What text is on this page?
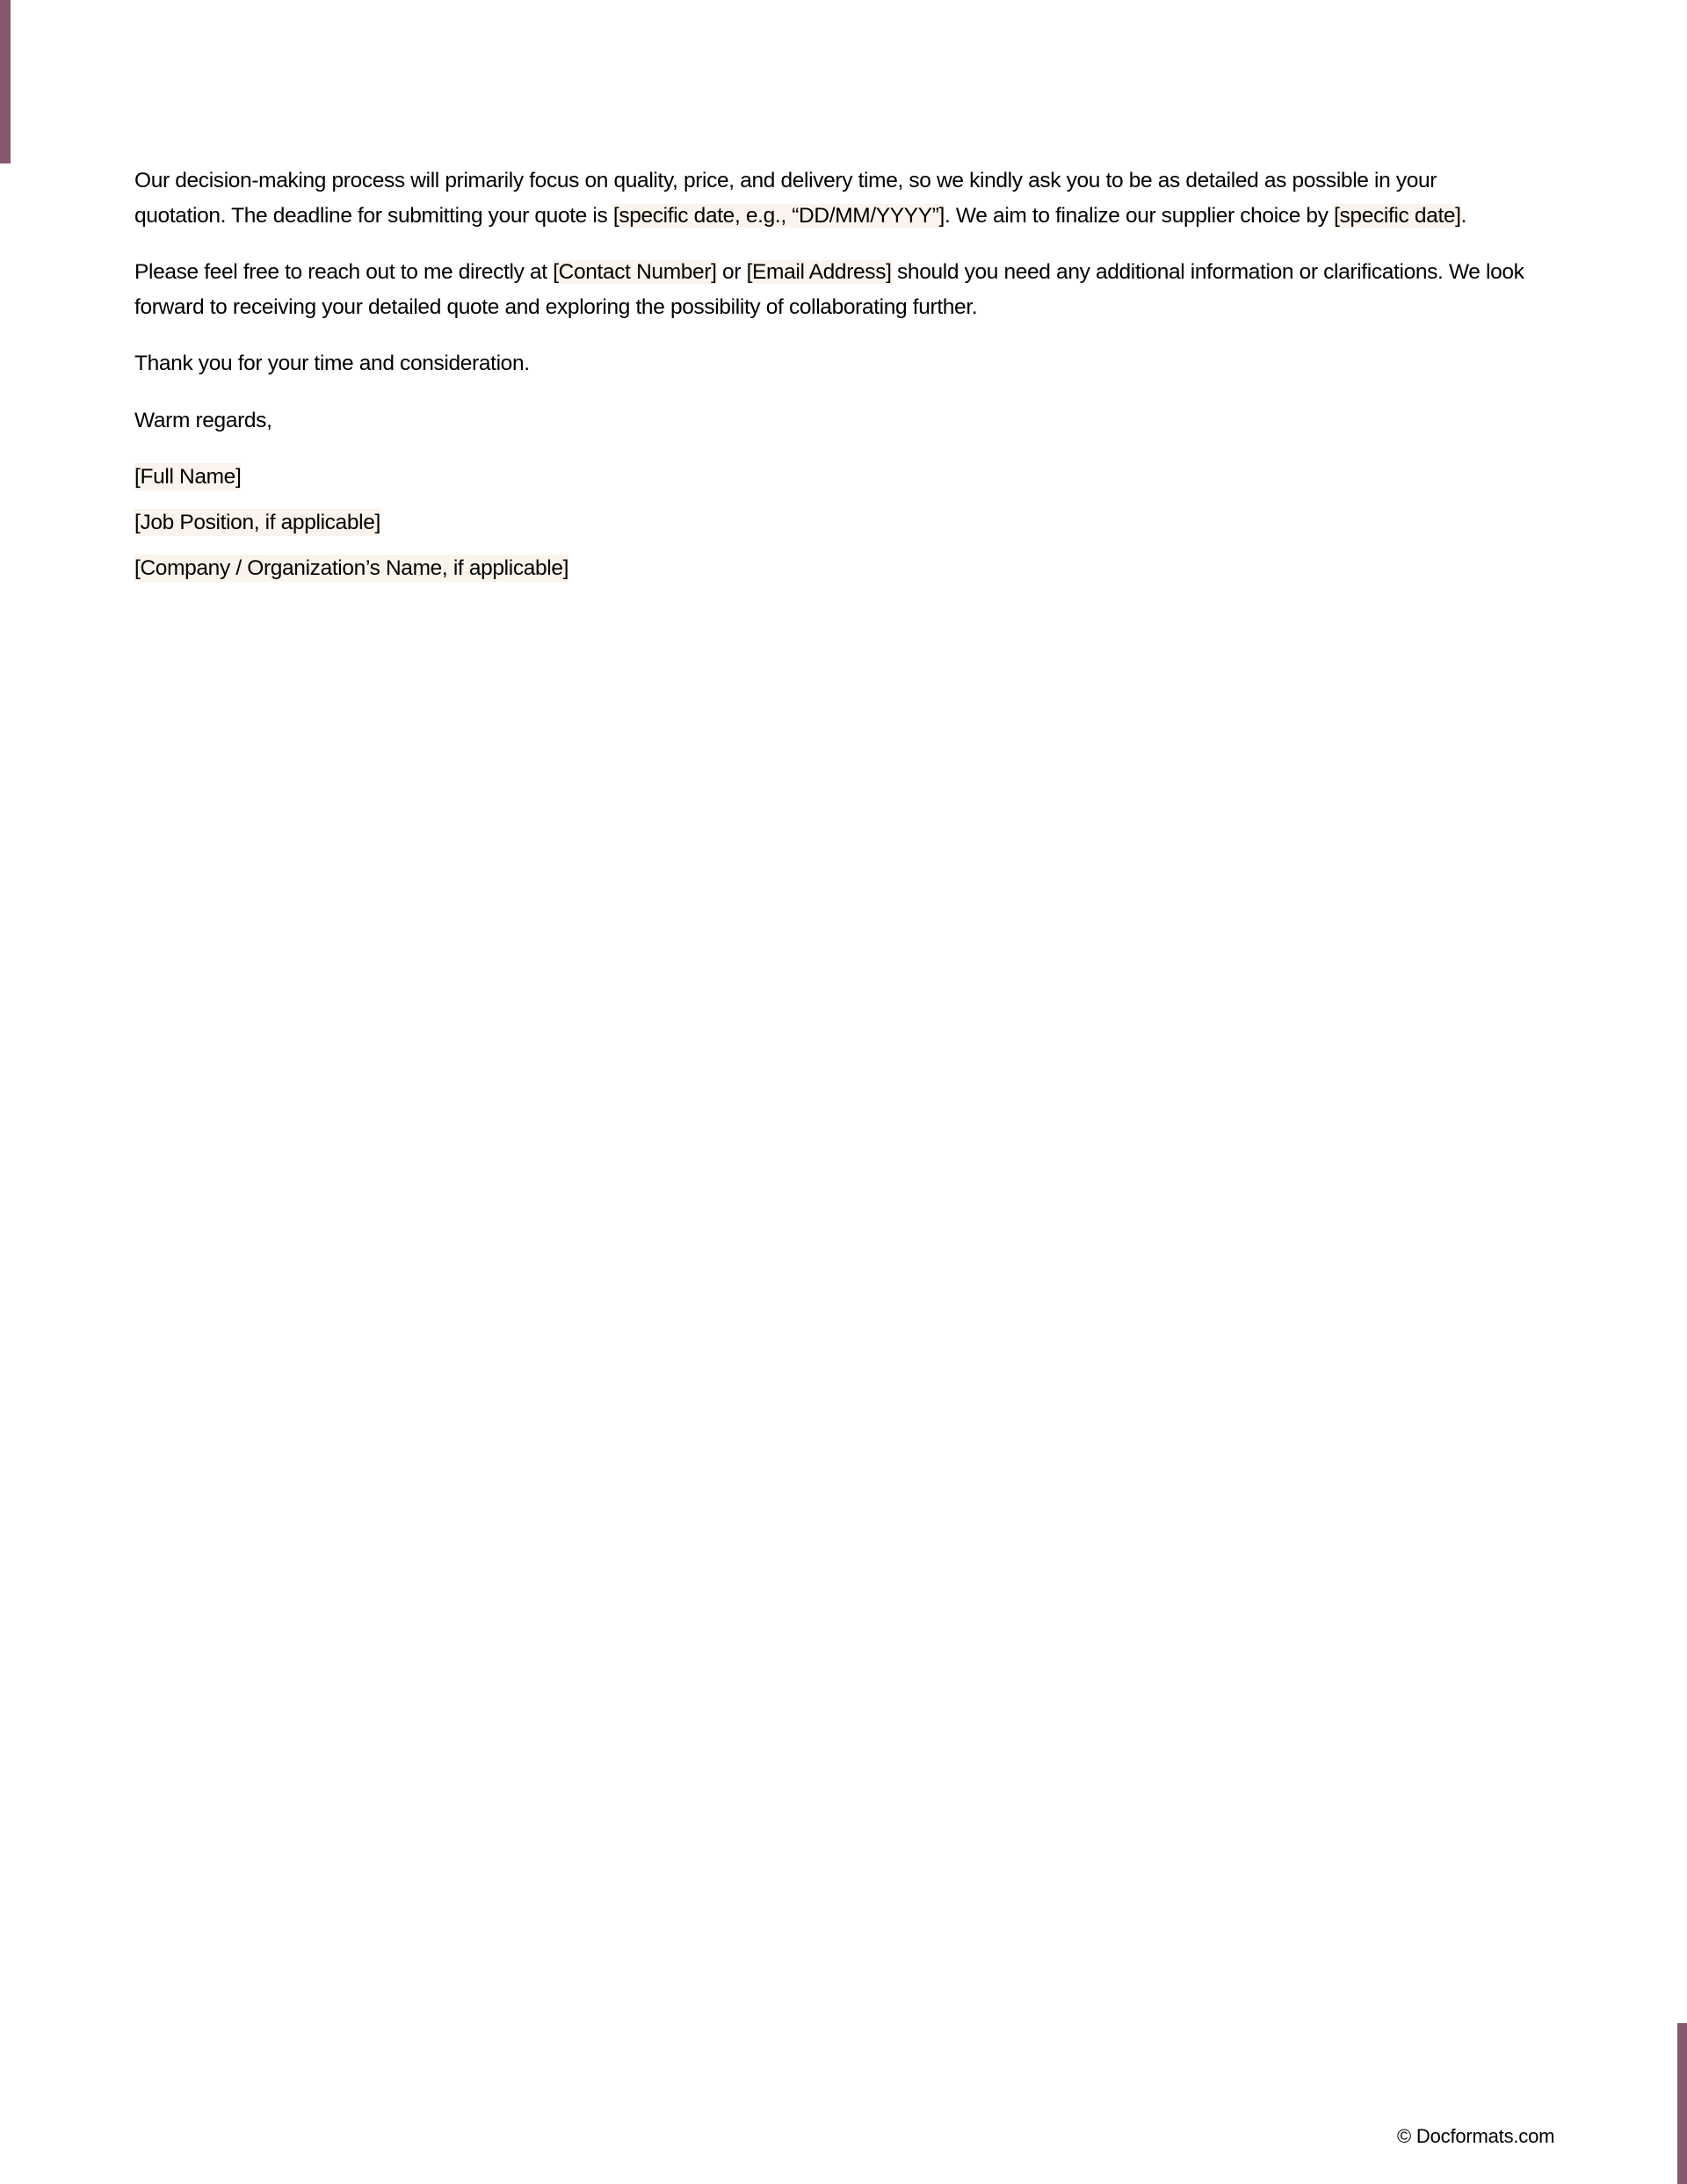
Our decision-making process will primarily focus on quality, price, and delivery time, so we kindly ask you to be as detailed as possible in your quotation. The deadline for submitting your quote is [specific date, e.g., “DD/MM/YYYY”]. We aim to finalize our supplier choice by [specific date].

Please feel free to reach out to me directly at [Contact Number] or [Email Address] should you need any additional information or clarifications. We look forward to receiving your detailed quote and exploring the possibility of collaborating further.

Thank you for your time and consideration.

Warm regards,

[Full Name]

[Job Position, if applicable]

[Company / Organization’s Name, if applicable]

© Docformats.com
